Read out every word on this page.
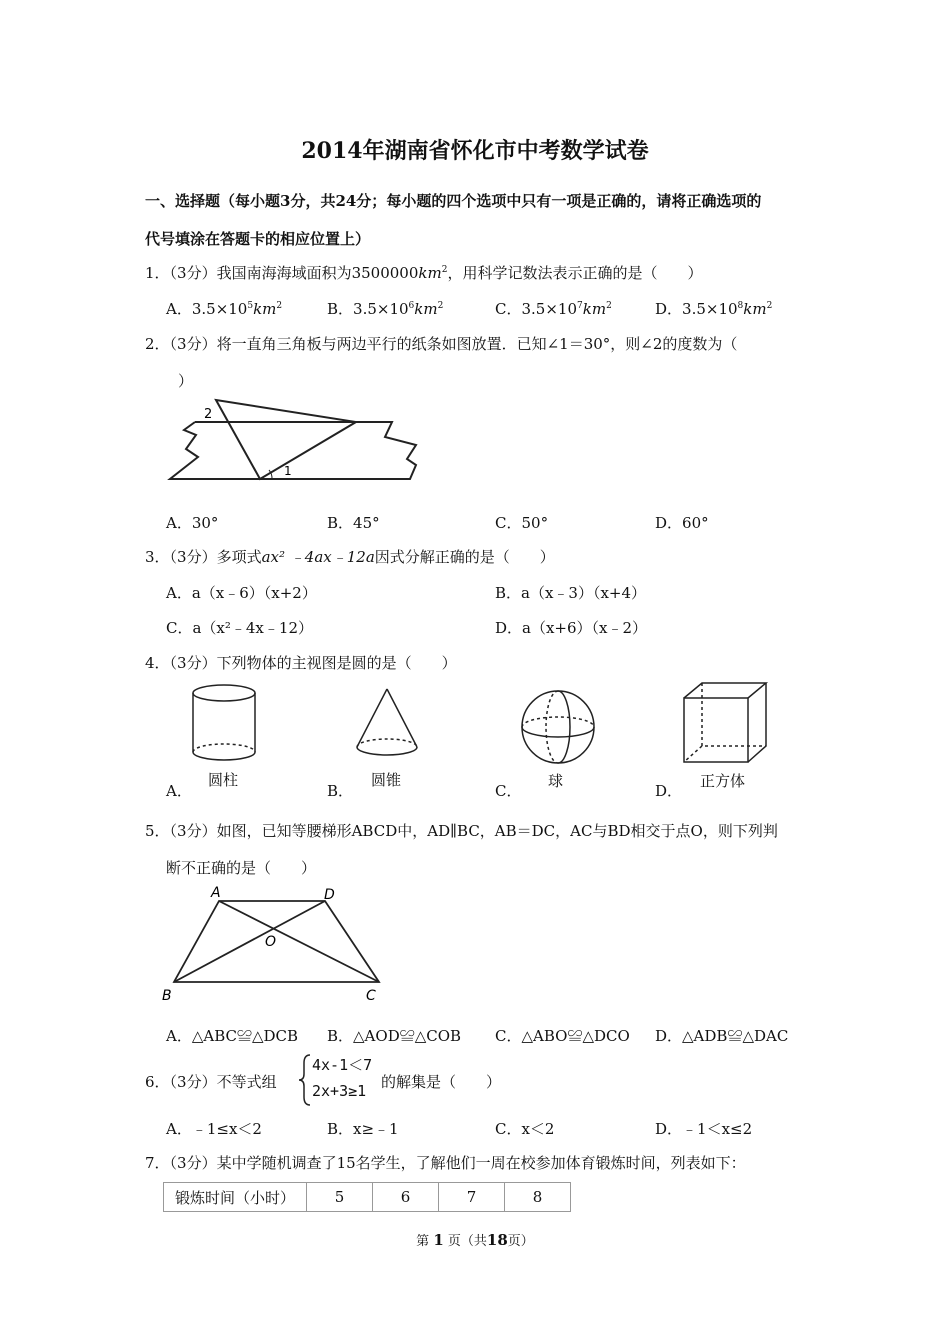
2014年湖南省怀化市中考数学试卷
一、选择题（每小题3分，共24分；每小题的四个选项中只有一项是正确的，请将正确选项的
代号填涂在答题卡的相应位置上）
1．（3分）我国南海海域面积为$3500000km^2$，用科学记数法表示正确的是（　　）
A．$3.5\times 10^5km^2$	B．$3.5\times 10^6km^2$	C．$3.5\times 10^7km^2$	D．$3.5\times 10^8km^2$
2．（3分）将一直角三角板与两边平行的纸条如图放置．已知∠1＝30°，则∠2的度数为（
）
2
1
A．30°	B．45°	C．50°	D．60°
3．（3分）多项式ax² ﹣4ax﹣12a因式分解正确的是（　　）
A．a（x﹣6）（x+2）	B．a（x﹣3）（x+4）
C．a（x²﹣4x﹣12）	D．a（x+6）（x﹣2）
4．（3分）下列物体的主视图是圆的是（　　）
A．
圆柱
B．
圆锥
C．
球
D．
正方体
5．（3分）如图，已知等腰梯形ABCD中，AD∥BC，AB＝DC，AC与BD相交于点O，则下列判
断不正确的是（　　）
A	D
O
B	C
A．△ABC≌△DCB B．△AOD≌△COB C．△ABO≌△DCO D．△ADB≌△DAC
6．（3分）不等式组
4x-1＜7
2x+3≥1 的解集是（　　）
A．﹣1≤x＜2	B．x≥﹣1	C．x＜2	D．﹣1＜x≤2
7．（3分）某中学随机调查了15名学生，了解他们一周在校参加体育锻炼时间，列表如下：
锻炼时间（小时）	5	6	7	8
第 1 页（共18页）
